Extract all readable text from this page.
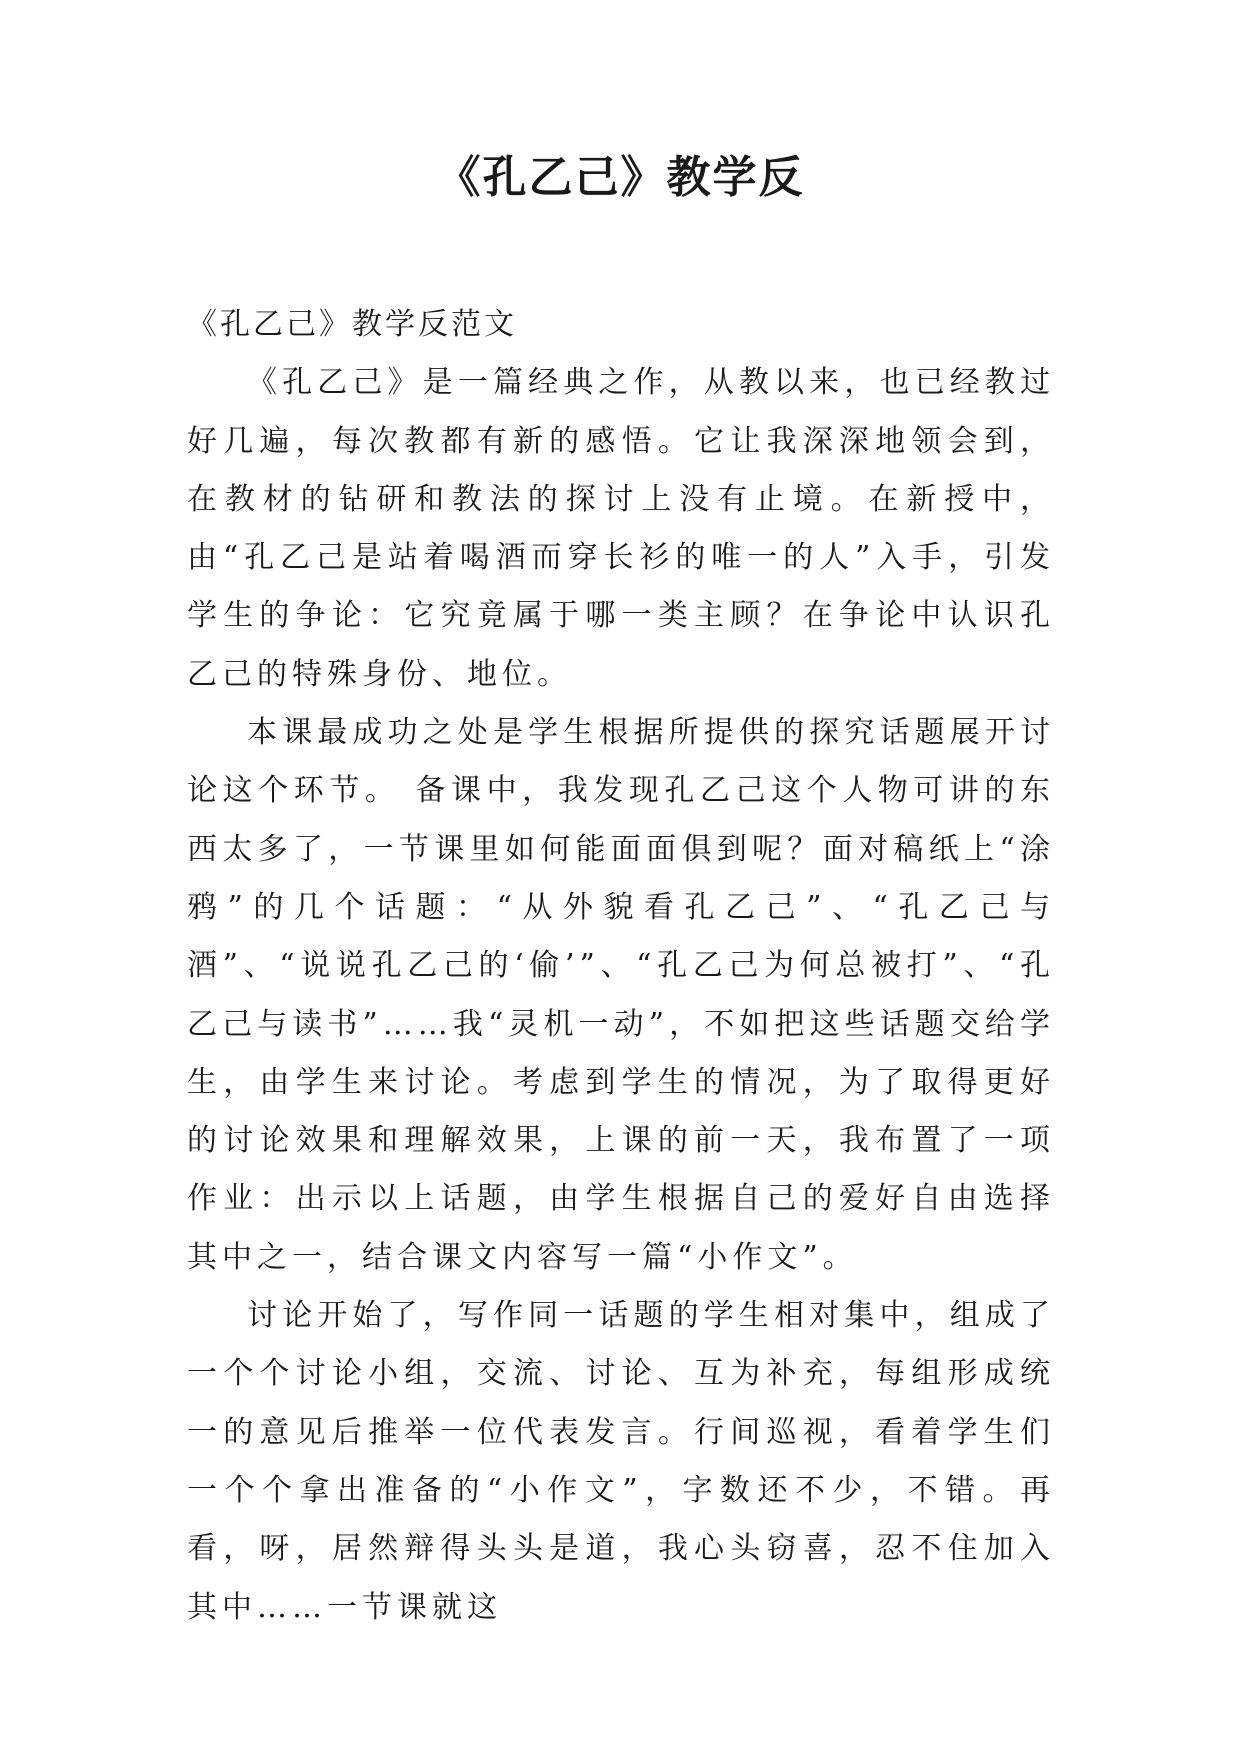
《孔乙己》教学反

《孔乙己》教学反范文

《孔乙己》是一篇经典之作，从教以来，也已经教过好几遍，每次教都有新的感悟。它让我深深地领会到，在教材的钻研和教法的探讨上没有止境。在新授中，由“孔乙己是站着喝酒而穿长衫的唯一的人”入手，引发学生的争论：它究竟属于哪一类主顾？在争论中认识孔乙己的特殊身份、地位。

本课最成功之处是学生根据所提供的探究话题展开讨论这个环节。 备课中，我发现孔乙己这个人物可讲的东西太多了，一节课里如何能面面俱到呢？面对稿纸上“涂鸦”的几个话题：“从外貌看孔乙己”、“孔乙己与酒”、“说说孔乙己的‘偷’”、“孔乙己为何总被打”、“孔乙己与读书”……我“灵机一动”，不如把这些话题交给学生，由学生来讨论。考虑到学生的情况，为了取得更好的讨论效果和理解效果，上课的前一天，我布置了一项作业：出示以上话题，由学生根据自己的爱好自由选择其中之一，结合课文内容写一篇“小作文”。

讨论开始了，写作同一话题的学生相对集中，组成了一个个讨论小组，交流、讨论、互为补充，每组形成统一的意见后推举一位代表发言。行间巡视，看着学生们一个个拿出准备的“小作文”，字数还不少，不错。再看，呀，居然辩得头头是道，我心头窃喜，忍不住加入其中……一节课就这
